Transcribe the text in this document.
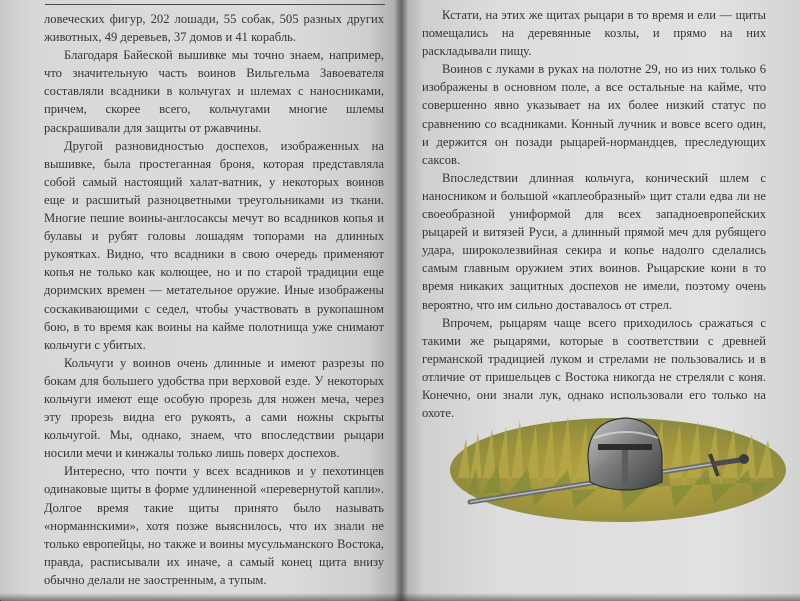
ловеческих фигур, 202 лошади, 55 собак, 505 разных других животных, 49 деревьев, 37 домов и 41 корабль.

Благодаря Байеской вышивке мы точно знаем, например, что значительную часть воинов Вильгельма Завоевателя составляли всадники в кольчугах и шлемах с наносниками, причем, скорее всего, кольчугами многие шлемы раскрашивали для защиты от ржавчины.

Другой разновидностью доспехов, изображенных на вышивке, была простеганная броня, которая представляла собой самый настоящий халат-ватник, у некоторых воинов еще и расшитый разноцветными треугольниками из ткани. Многие пешие воины-англосаксы мечут во всадников копья и булавы и рубят головы лошадям топорами на длинных рукоятках. Видно, что всадники в свою очередь применяют копья не только как колющее, но и по старой традиции еще доримских времен — метательное оружие. Иные изображены соскакивающими с седел, чтобы участвовать в рукопашном бою, в то время как воины на кайме полотнища уже снимают кольчуги с убитых.

Кольчуги у воинов очень длинные и имеют разрезы по бокам для большего удобства при верховой езде. У некоторых кольчуги имеют еще особую прорезь для ножен меча, через эту прорезь видна его рукоять, а сами ножны скрыты кольчугой. Мы, однако, знаем, что впоследствии рыцари носили мечи и кинжалы только лишь поверх доспехов.

Интересно, что почти у всех всадников и у пехотинцев одинаковые щиты в форме удлиненной «перевернутой капли». Долгое время такие щиты принято было называть «норманнскими», хотя позже выяснилось, что их знали не только европейцы, но также и воины мусульманского Востока, правда, расписывали их иначе, а самый конец щита внизу обычно делали не заостренным, а тупым.

Кстати, на этих же щитах рыцари в то время и ели — щиты помещались на деревянные козлы, и прямо на них раскладывали пищу.

Воинов с луками в руках на полотне 29, но из них только 6 изображены в основном поле, а все остальные на кайме, что совершенно явно указывает на их более низкий статус по сравнению со всадниками. Конный лучник и вовсе всего один, и держится он позади рыцарей-нормандцев, преследующих саксов.

Впоследствии длинная кольчуга, конический шлем с наносником и большой «каплеобразный» щит стали едва ли не своеобразной униформой для всех западноевропейских рыцарей и витязей Руси, а длинный прямой меч для рубящего удара, широколезвийная секира и копье надолго сделались самым главным оружием этих воинов. Рыцарские кони в то время никаких защитных доспехов не имели, поэтому очень вероятно, что им сильно доставалось от стрел.

Впрочем, рыцарям чаще всего приходилось сражаться с такими же рыцарями, которые в соответствии с древней германской традицией луком и стрелами не пользовались и в отличие от пришельцев с Востока никогда не стреляли с коня. Конечно, они знали лук, однако использовали его только на охоте.
